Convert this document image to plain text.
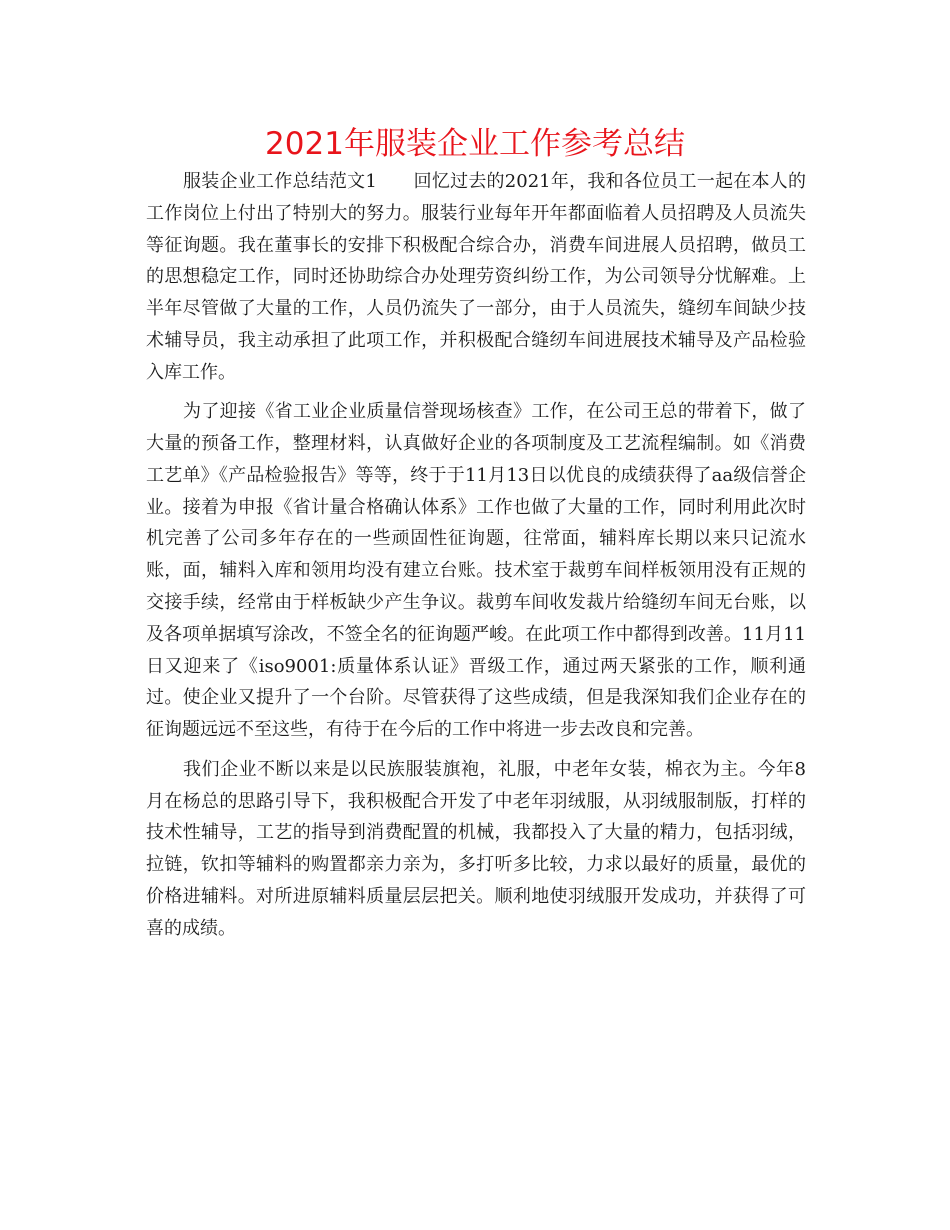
2021年服装企业工作参考总结

服装企业工作总结范文1　　回忆过去的2021年，我和各位员工一起在本人的工作岗位上付出了特别大的努力。服装行业每年开年都面临着人员招聘及人员流失等征询题。我在董事长的安排下积极配合综合办，消费车间进展人员招聘，做员工的思想稳定工作，同时还协助综合办处理劳资纠纷工作，为公司领导分忧解难。上半年尽管做了大量的工作，人员仍流失了一部分，由于人员流失，缝纫车间缺少技术辅导员，我主动承担了此项工作，并积极配合缝纫车间进展技术辅导及产品检验入库工作。

为了迎接《省工业企业质量信誉现场核查》工作，在公司王总的带着下，做了大量的预备工作，整理材料，认真做好企业的各项制度及工艺流程编制。如《消费工艺单》《产品检验报告》等等，终于于11月13日以优良的成绩获得了aa级信誉企业。接着为申报《省计量合格确认体系》工作也做了大量的工作，同时利用此次时机完善了公司多年存在的一些顽固性征询题，往常面，辅料库长期以来只记流水账，面，辅料入库和领用均没有建立台账。技术室于裁剪车间样板领用没有正规的交接手续，经常由于样板缺少产生争议。裁剪车间收发裁片给缝纫车间无台账，以及各项单据填写涂改，不签全名的征询题严峻。在此项工作中都得到改善。11月11日又迎来了《iso9001:质量体系认证》晋级工作，通过两天紧张的工作，顺利通过。使企业又提升了一个台阶。尽管获得了这些成绩，但是我深知我们企业存在的征询题远远不至这些，有待于在今后的工作中将进一步去改良和完善。

我们企业不断以来是以民族服装旗袍，礼服，中老年女装，棉衣为主。今年8月在杨总的思路引导下，我积极配合开发了中老年羽绒服，从羽绒服制版，打样的技术性辅导，工艺的指导到消费配置的机械，我都投入了大量的精力，包括羽绒，拉链，钦扣等辅料的购置都亲力亲为，多打听多比较，力求以最好的质量，最优的价格进辅料。对所进原辅料质量层层把关。顺利地使羽绒服开发成功，并获得了可喜的成绩。
